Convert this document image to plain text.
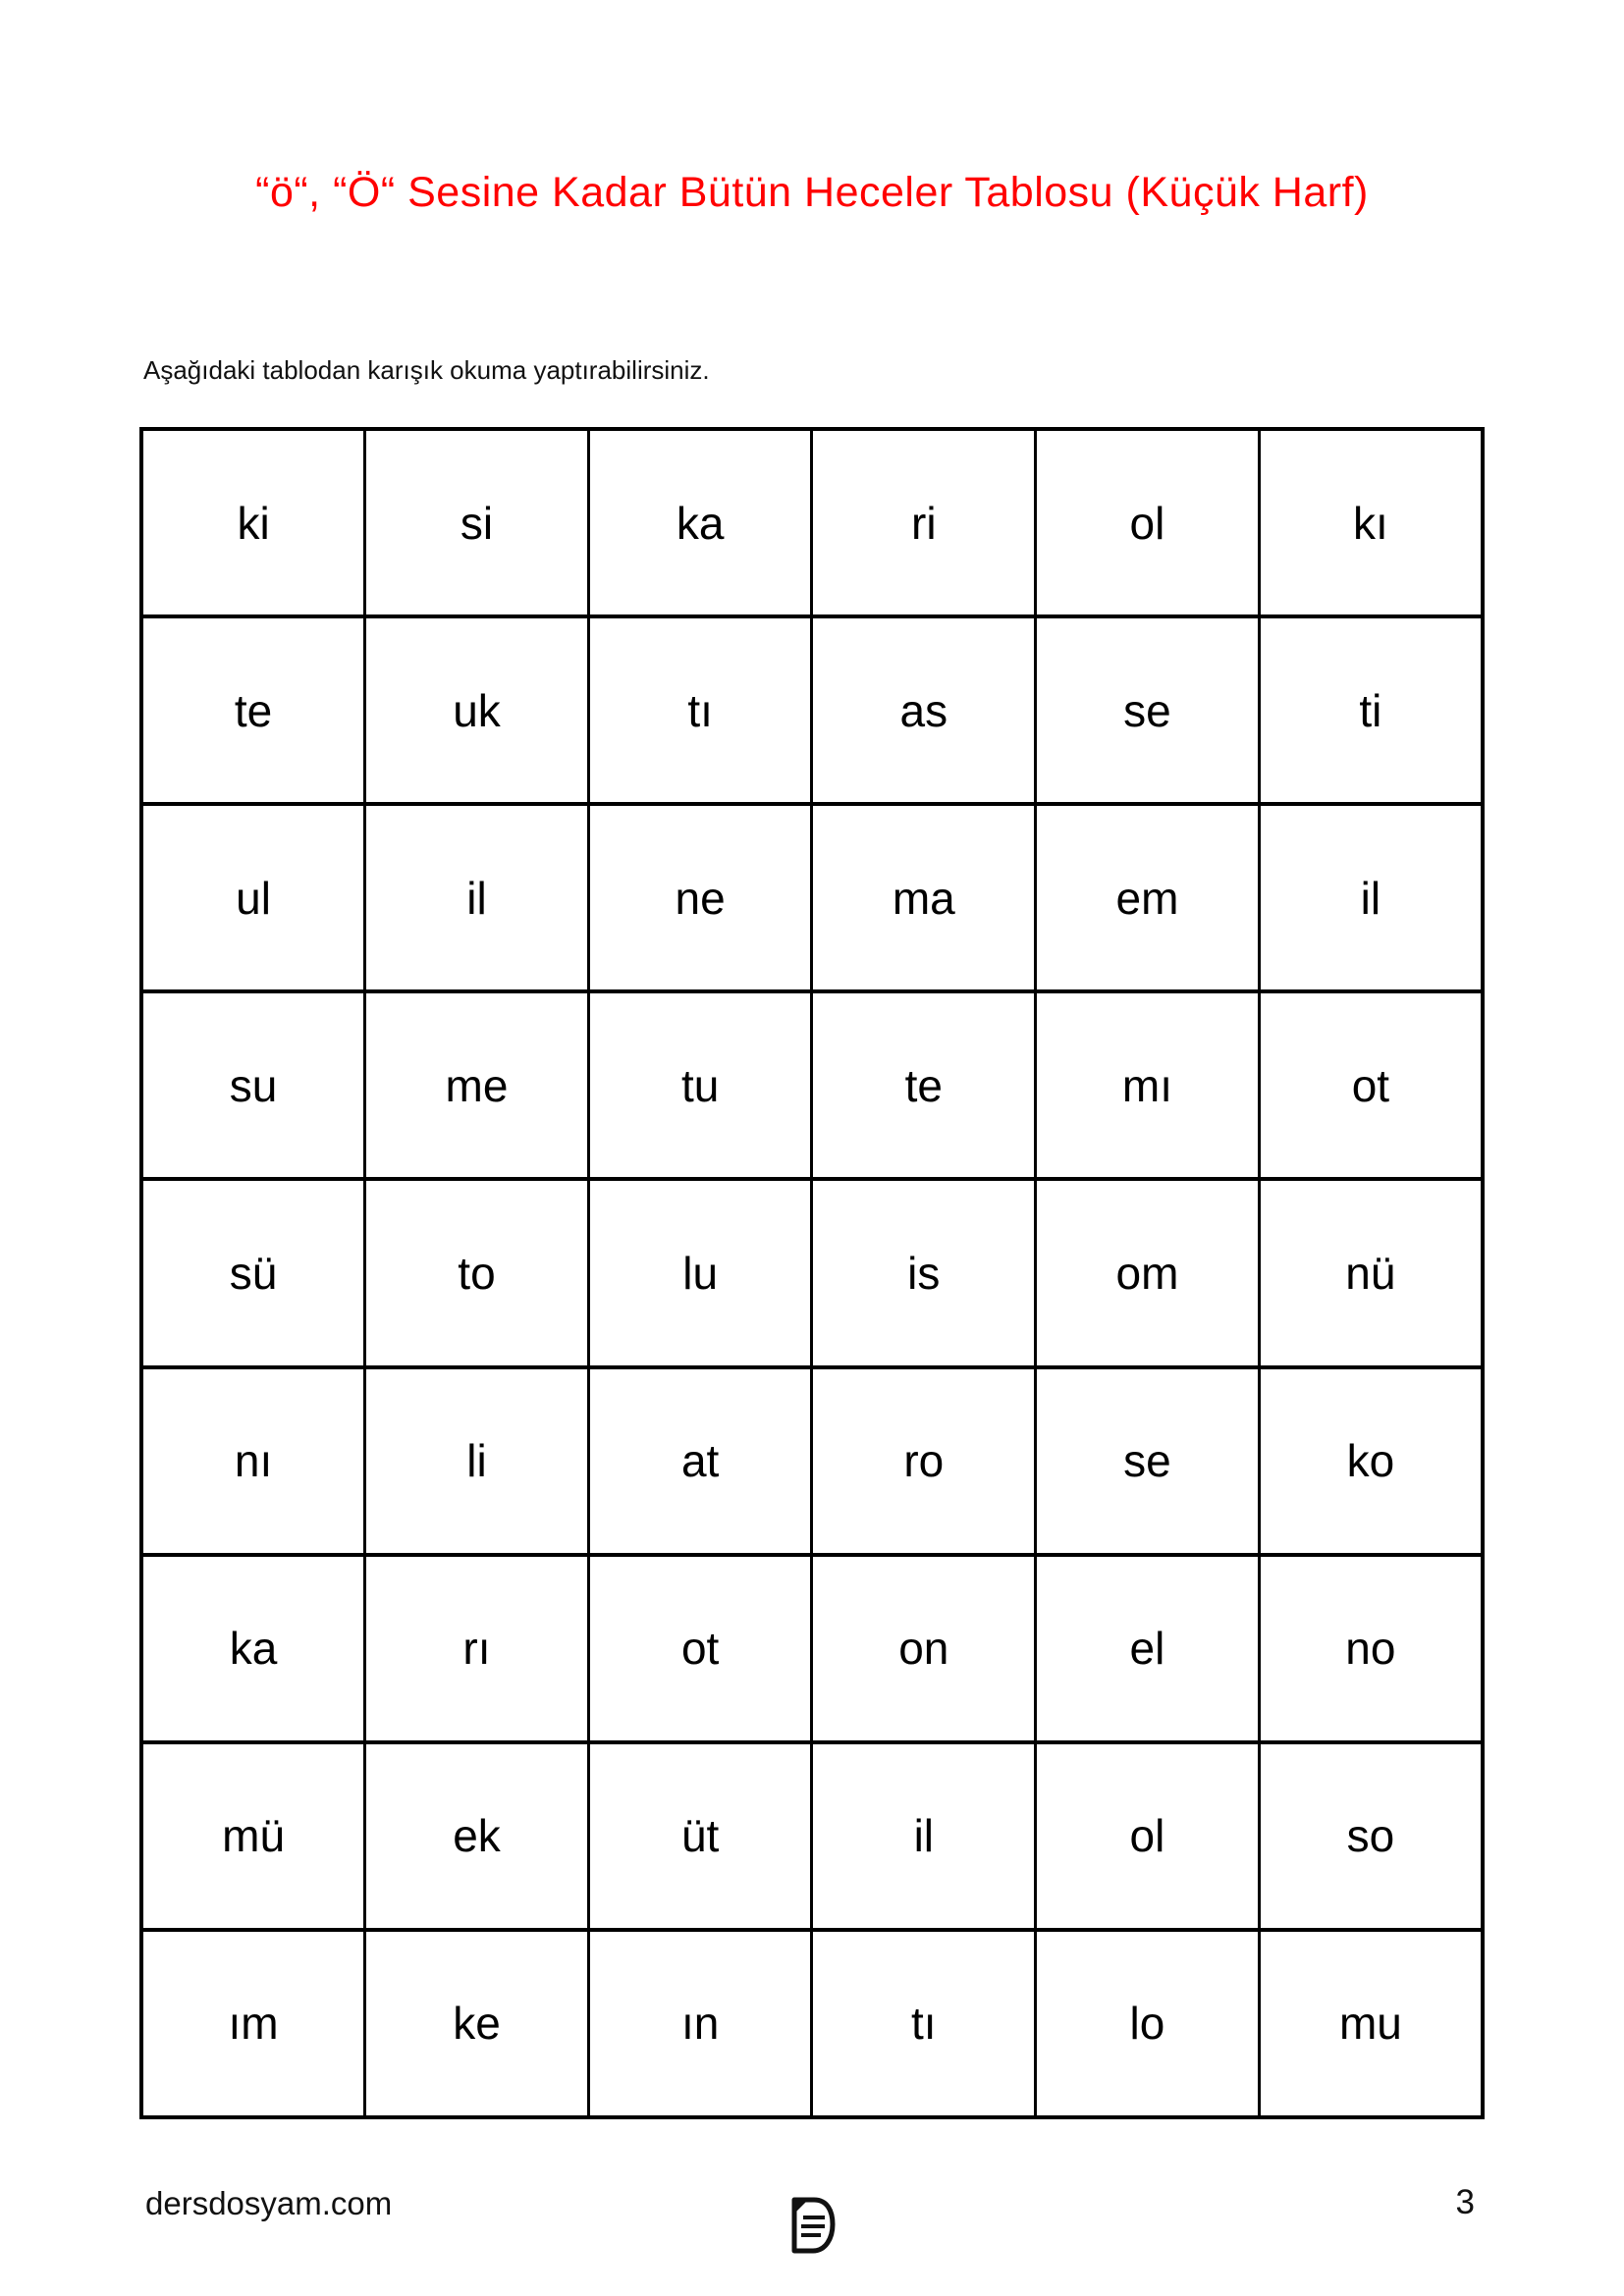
“ö“, “Ö“ Sesine Kadar Bütün Heceler Tablosu (Küçük Harf)

Aşağıdaki tablodan karışık okuma yaptırabilirsiniz.

ki	si	ka	ri	ol	kı
te	uk	tı	as	se	ti
ul	il	ne	ma	em	il
su	me	tu	te	mı	ot
sü	to	lu	is	om	nü
nı	li	at	ro	se	ko
ka	rı	ot	on	el	no
mü	ek	üt	il	ol	so
ım	ke	ın	tı	lo	mu
dersdosyam.com	3
